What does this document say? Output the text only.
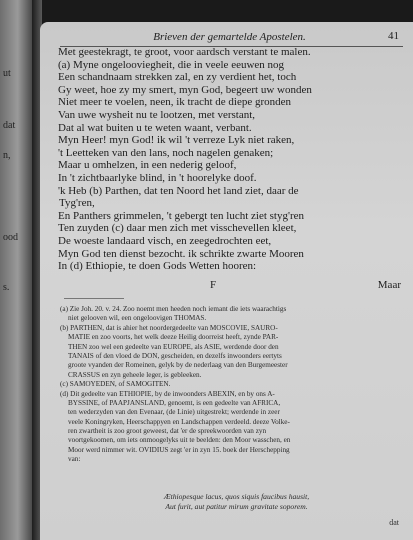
ut
dat
n,
ood
s.
Brieven der gemartelde Apostelen.	41
Met geestekragt, te groot, voor aardsch verstant te malen.
(a) Myne ongelooviegheit, die in veele eeuwen nog
Een schandnaam strekken zal, en zy verdient het, toch
Gy weet, hoe zy my smert, myn God, begeert uw wonden
Niet meer te voelen, neen, ik tracht de diepe gronden
Van uwe wysheit nu te lootzen, met verstant,
Dat al wat buiten u te weten waant, verbant.
Myn Heer! myn God! ik wil 't verreze Lyk niet raken,
't Leetteken van den lans, noch nagelen genaken;
Maar u omhelzen, in een nederig geloof,
In 't zichtbaarlyke blind, in 't hoorelyke doof.
'k Heb (b) Parthen, dat ten Noord het land ziet, daar de
Tyg'ren,
En Panthers grimmelen, 't gebergt ten lucht ziet styg'ren
Ten zuyden (c) daar men zich met visschevellen kleet,
De woeste landaard visch, en zeegedrochten eet,
Myn God ten dienst bezocht. ik schrikte zwarte Mooren
In (d) Ethiopie, te doen Gods Wetten hooren:
F	Maar
(a) Zie Joh. 20. v. 24. Zoo noemt men heeden noch iemant die iets waarachtigs
niet gelooven wil, een ongeloovigen THOMAS.
(b) PARTHEN, dat is ahier het noordergedeelte van MOSCOVIE, SAURO-
MATIE en zoo voorts, het welk deeze Heilig doorreist heeft, zynde PAR-
THEN zoo wel een gedeelte van EUROPE, als ASIE, werdende door den
TANAIS of den vloed de DON, gescheiden, en dezelfs inwoonders eertyts
groote vyanden der Romeinen, gelyk by de nederlaag van den Burgemeester
CRASSUS en zyn geheele leger, is gebleeken.
(c) SAMOYEDEN, of SAMOGITEN.
(d) Dit gedeelte van ETHIOPIE, by de inwoonders ABEXIN, en by ons A-
BYSSINE, of PAAPJANSLAND, genoemt, is een gedeelte van AFRICA,
ten wederzyden van den Evenaar, (de Linie) uitgestrekt; werdende in zeer
veele Koningryken, Heerschappyen en Landschappen verdeeld. deeze Volke-
ren zwartheit is zoo groot geweest, dat 'er de spreekwoorden van zyn
voortgekoomen, om iets onmoogelyks uit te beelden: den Moor wasschen, en
Moor werd nimmer wit. OVIDIUS zegt 'er in zyn 15. boek der Herschepping
van:
Æthiopesque lacus, quos siquis faucibus hausit,
Aut furit, aut patitur mirum gravitate soporem.
dat
